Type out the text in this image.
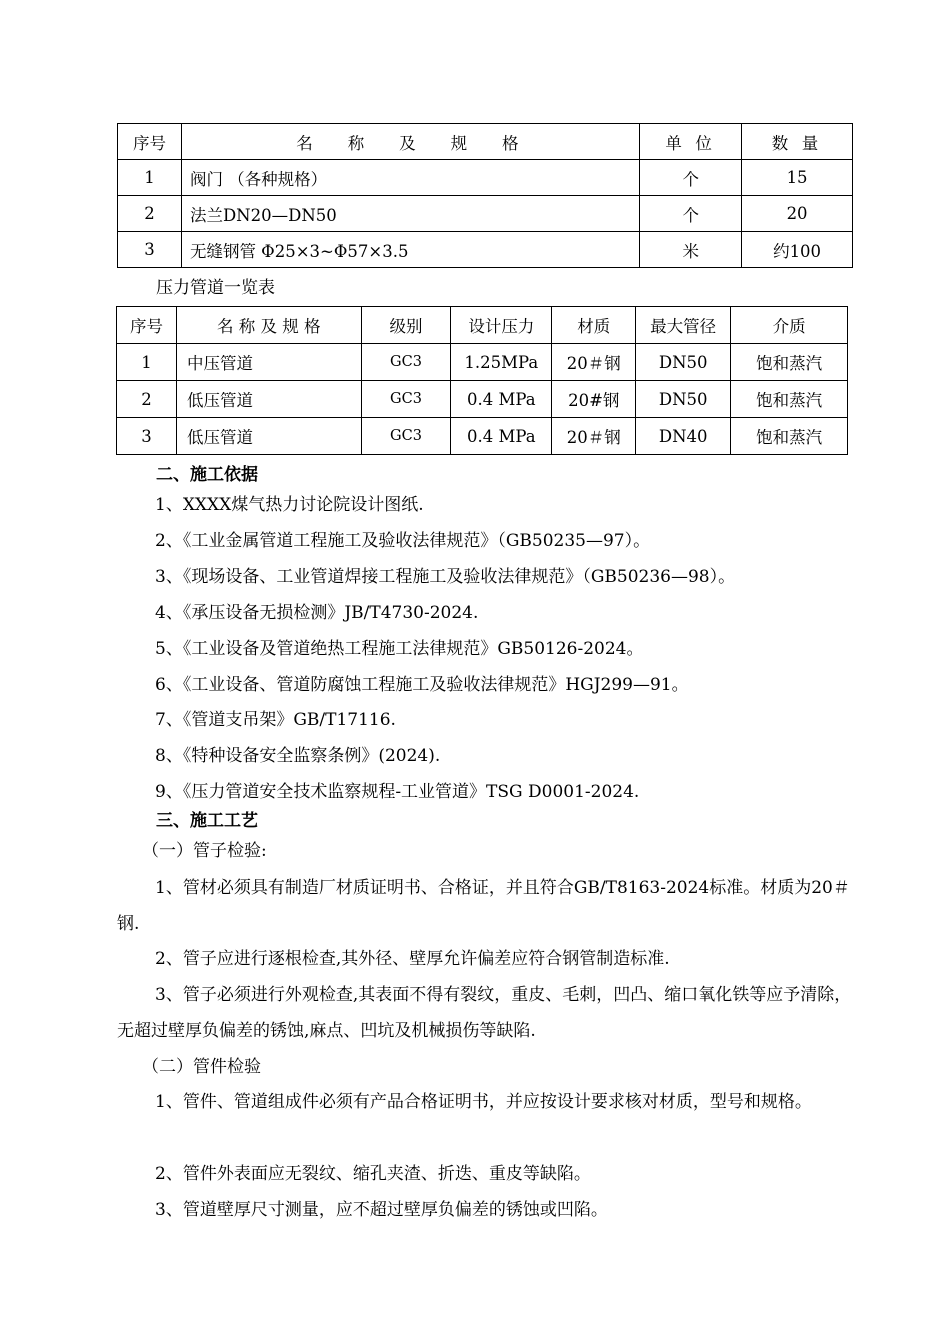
序号	名 称 及 规 格	单 位	数 量
1	阀门 （各种规格）	个	15
2	法兰DN20—DN50	个	20
3	无缝钢管 Φ25×3~Φ57×3.5	米	约100
压力管道一览表
序号	名 称 及 规 格	级别	设计压力	材质	最大管径	介质
1	中压管道	GC3	1.25MPa	20＃钢	DN50	饱和蒸汽
2	低压管道	GC3	0.4 MPa	20#钢	DN50	饱和蒸汽
3	低压管道	GC3	0.4 MPa	20＃钢	DN40	饱和蒸汽
二、施工依据
1、XXXX煤气热力讨论院设计图纸.
2、《工业金属管道工程施工及验收法律规范》（GB50235—97）。
3、《现场设备、工业管道焊接工程施工及验收法律规范》（GB50236—98）。
4、《承压设备无损检测》JB/T4730-2024.
5、《工业设备及管道绝热工程施工法律规范》GB50126-2024。
6、《工业设备、管道防腐蚀工程施工及验收法律规范》HGJ299—91。
7、《管道支吊架》GB/T17116.
8、《特种设备安全监察条例》(2024).
9、《压力管道安全技术监察规程-工业管道》TSG D0001-2024.
三、施工工艺
（一）管子检验:
1、管材必须具有制造厂材质证明书、合格证，并且符合GB/T8163-2024标准。材质为20＃钢.
2、管子应进行逐根检查,其外径、壁厚允许偏差应符合钢管制造标准.
3、管子必须进行外观检查,其表面不得有裂纹，重皮、毛刺，凹凸、缩口氧化铁等应予清除，无超过壁厚负偏差的锈蚀,麻点、凹坑及机械损伤等缺陷.
（二）管件检验
1、管件、管道组成件必须有产品合格证明书，并应按设计要求核对材质，型号和规格。
2、管件外表面应无裂纹、缩孔夹渣、折迭、重皮等缺陷。
3、管道壁厚尺寸测量，应不超过壁厚负偏差的锈蚀或凹陷。
